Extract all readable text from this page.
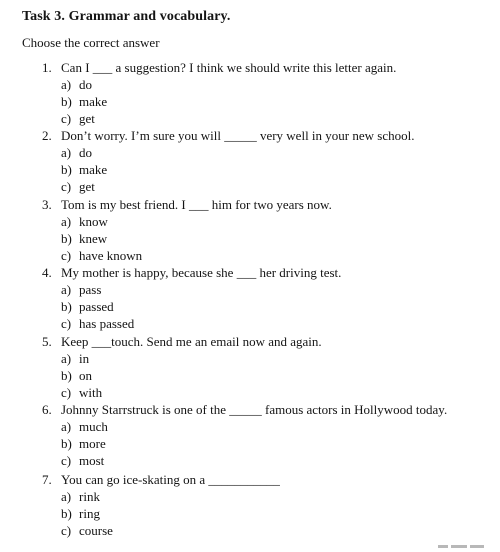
Task 3. Grammar and vocabulary.
Choose the correct answer
1. Can I ___ a suggestion? I think we should write this letter again.
a) do
b) make
c) get
2. Don’t worry. I’m sure you will _____ very well in your new school.
a) do
b) make
c) get
3. Tom is my best friend. I ___ him for two years now.
a) know
b) knew
c) have known
4. My mother is happy, because she ___ her driving test.
a) pass
b) passed
c) has passed
5. Keep ___touch. Send me an email now and again.
a) in
b) on
c) with
6. Johnny Starrstruck is one of the _____ famous actors in Hollywood today.
a) much
b) more
c) most
7. You can go ice-skating on a ___________
a) rink
b) ring
c) course
